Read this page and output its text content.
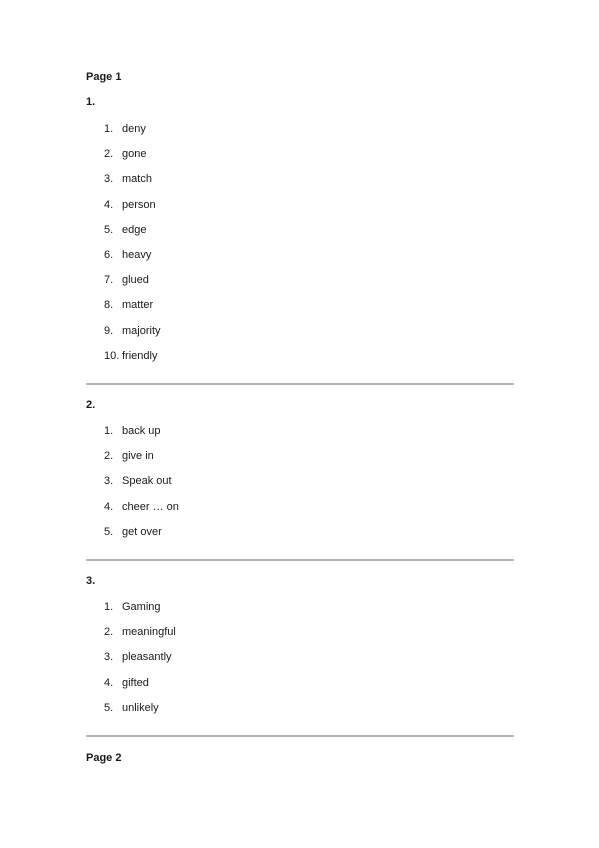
Page 1
1.
1. deny
2. gone
3. match
4. person
5. edge
6. heavy
7. glued
8. matter
9. majority
10. friendly
2.
1. back up
2. give in
3. Speak out
4. cheer … on
5. get over
3.
1. Gaming
2. meaningful
3. pleasantly
4. gifted
5. unlikely
Page 2
